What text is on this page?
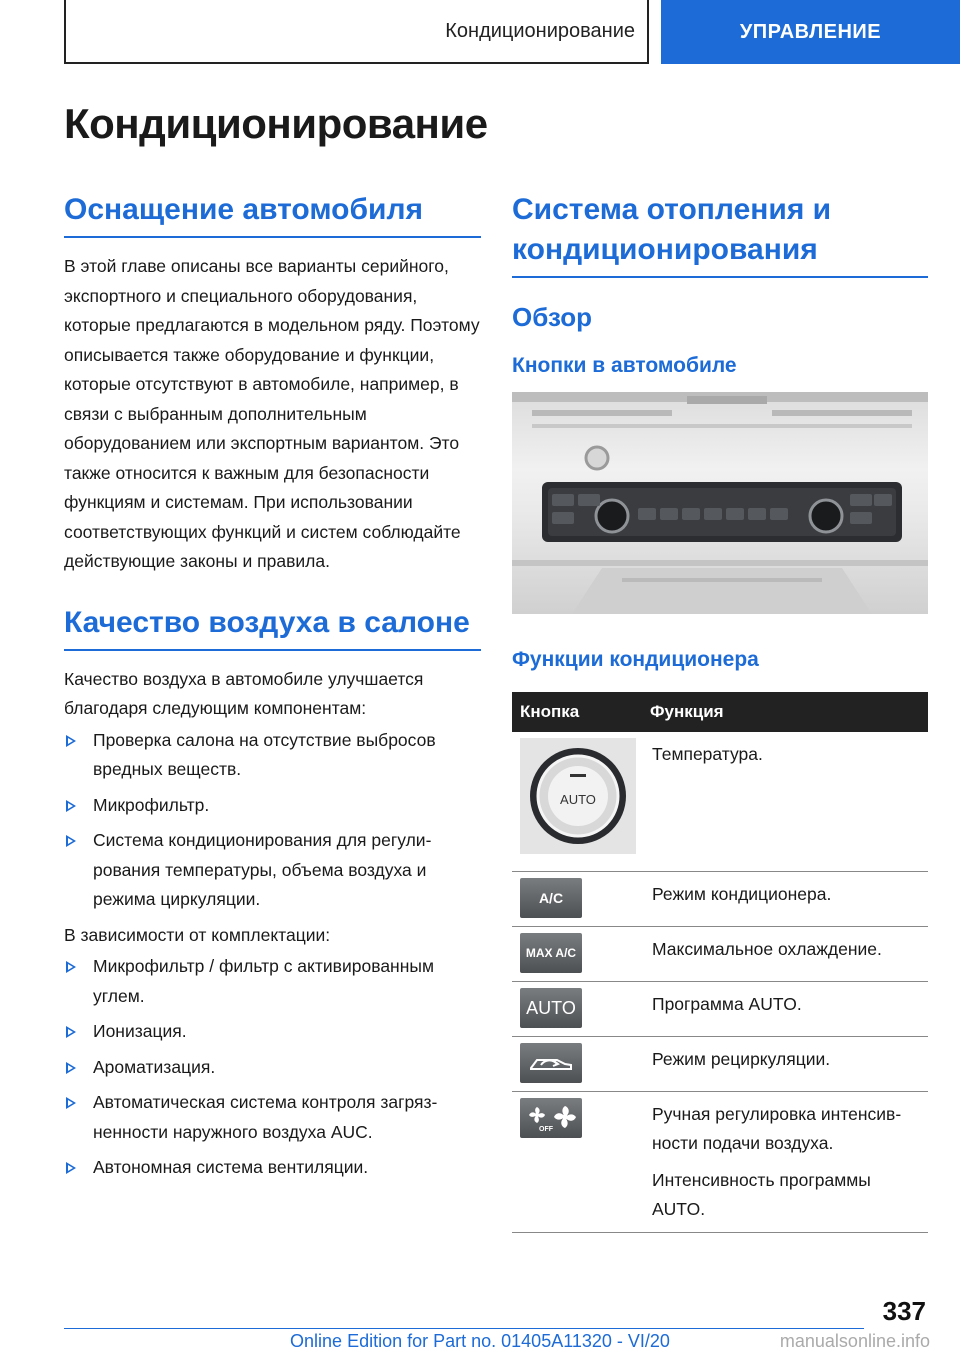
Кондиционирование	УПРАВЛЕНИЕ
Кондиционирование
Оснащение автомобиля

В этой главе описаны все варианты серийного, экспортного и специального оборудования, которые предлагаются в модельном ряду. Поэтому описывается также оборудование и функции, которые отсутствуют в автомобиле, например, в связи с выбранным дополнительным оборудованием или экспортным вариантом. Это также относится к важным для безопасности функциям и системам. При использовании соответствующих функций и систем соблюдайте действующие законы и правила.

Качество воздуха в салоне

Качество воздуха в автомобиле улучшается благодаря следующим компонентам:

Проверка салона на отсутствие выбросов вредных веществ.
Микрофильтр.
Система кондиционирования для регулирования температуры, объема воздуха и режима циркуляции.

В зависимости от комплектации:

Микрофильтр / фильтр с активированным углем.
Ионизация.
Ароматизация.
Автоматическая система контроля загрязненности наружного воздуха AUC.
Автономная система вентиляции.
Система отопления и кондиционирования
Обзор
Кнопки в автомобиле
Функции кондиционера
Кнопка	Функция

AUTO	Температура.

A/C	Режим кондиционера.

MAX A/C	Максимальное охлаждение.

AUTO	Программа AUTO.

	Режим рециркуляции.

OFF	Ручная регулировка интенсивности подачи воздуха.
Интенсивность программы AUTO.
337
Online Edition for Part no. 01405A11320 - VI/20	manualsonline.info
